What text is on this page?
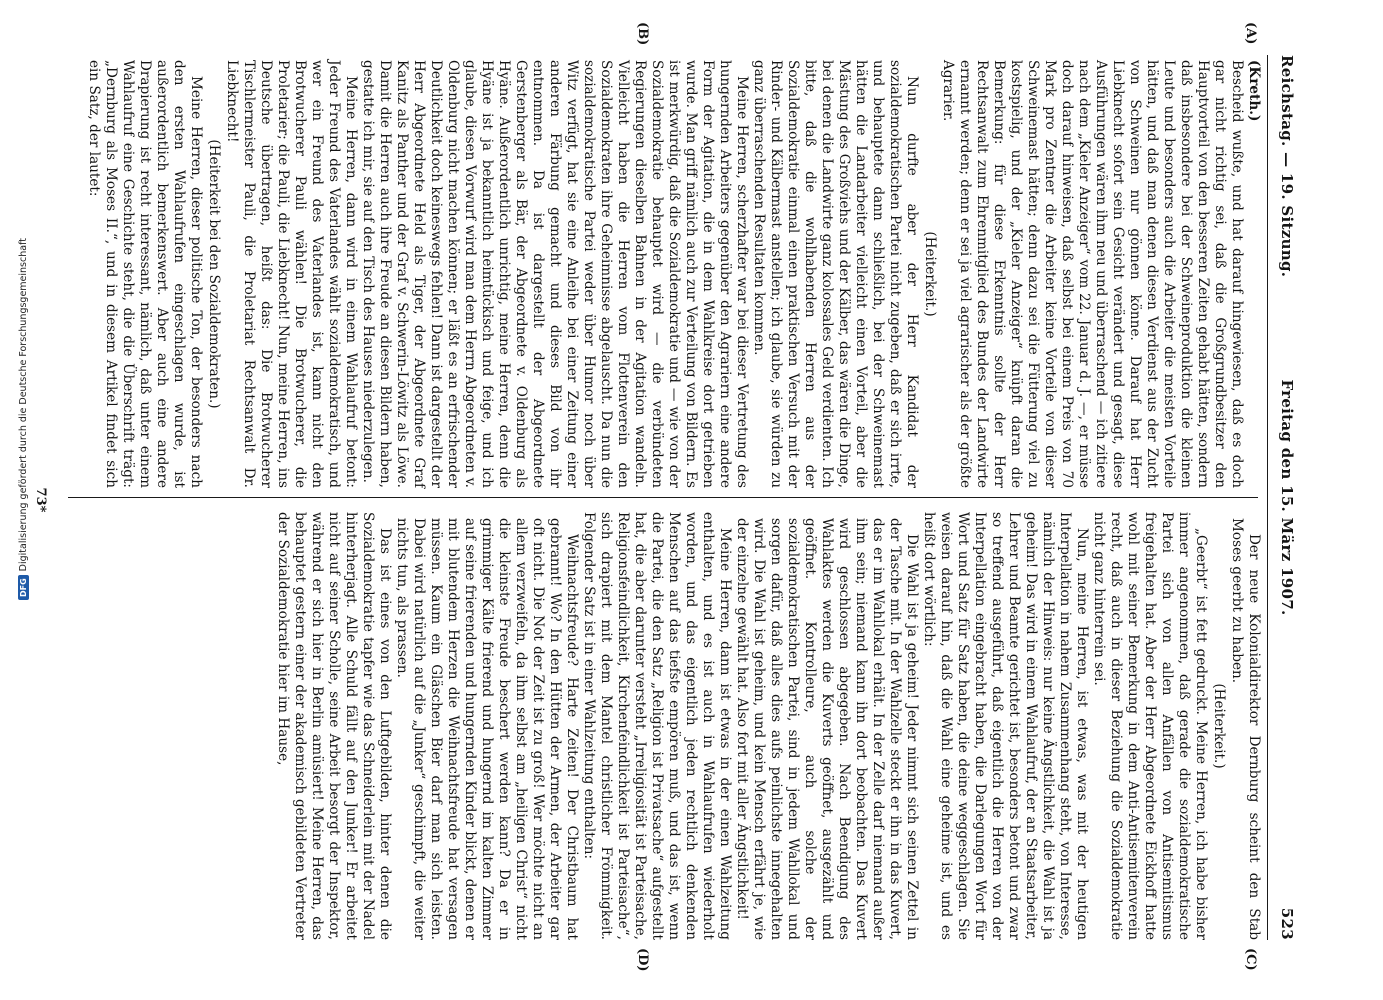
Reichstag. — 19. Sitzung.
Freitag den 15. März 1907.
523
(A)
(B)
(C)
(D)

(Kreth.)

Bescheid wußte, und hat darauf hingewiesen, daß es doch gar nicht richtig sei, daß die Großgrundbesitzer den Hauptvorteil von den besseren Zeiten gehabt hätten, sondern daß insbesondere bei der Schweineproduktion die kleinen Leute und besonders auch die Arbeiter die meisten Vorteile hätten, und daß man denen diesen Verdienst aus der Zucht von Schweinen nur gönnen könne. Darauf hat Herr Liebknecht sofort sein Gesicht verändert und gesagt, diese Ausführungen wären ihm neu und überraschend — ich zitiere nach dem „Kieler Anzeiger“ vom 22. Januar d. J. —, er müsse doch darauf hinweisen, daß selbst bei einem Preis von 70 Mark pro Zentner die Arbeiter keine Vorteile von dieser Schweinemast hätten; denn dazu sei die Fütterung viel zu kostspielig, und der „Kieler Anzeiger“ knüpft daran die Bemerkung: für diese Erkenntnis sollte der Herr Rechtsanwalt zum Ehrenmitglied des Bundes der Landwirte ernannt werden; denn er sei ja viel agrarischer als der größte Agrarier.

(Heiterkeit.)

Nun durfte aber der Herr Kandidat der sozialdemokratischen Partei nicht zugeben, daß er sich irrte, und behauptete dann schließlich, bei der Schweinemast hätten die Landarbeiter vielleicht einen Vorteil, aber die Mästung des Großviehs und der Kälber, das wären die Dinge, bei denen die Landwirte ganz kolossales Geld verdienten. Ich bitte, daß die wohlhabenden Herren aus der Sozialdemokratie einmal einen praktischen Versuch mit der Rinder- und Kälbermast anstellen; ich glaube, sie würden zu ganz überraschenden Resultaten kommen.

Meine Herren, scherzhafter war bei dieser Vertretung des hungernden Arbeiters gegenüber den Agrariern eine andere Form der Agitation, die in dem Wahlkreise dort getrieben wurde. Man griff nämlich auch zur Verteilung von Bildern. Es ist merkwürdig, daß die Sozialdemokratie und — wie von der Sozialdemokratie behauptet wird — die verbündeten Regierungen dieselben Bahnen in der Agitation wandeln. Vielleicht haben die Herren vom Flottenverein den Sozialdemokraten ihre Geheimnisse abgelauscht. Da nun die sozialdemokratische Partei weder über Humor noch über Witz verfügt, hat sie eine Anleihe bei einer Zeitung einer anderen Färbung gemacht und dieses Bild von ihr entnommen. Da ist dargestellt der Abgeordnete Gerstenberger als Bär, der Abgeordnete v. Oldenburg als Hyäne. Außerordentlich unrichtig, meine Herren, denn die Hyäne ist ja bekanntlich heimtückisch und feige, und ich glaube, diesen Vorwurf wird man dem Herrn Abgeordneten v. Oldenburg nicht machen können; er läßt es an erfrischender Deutlichkeit doch keineswegs fehlen! Dann ist dargestellt der Herr Abgeordnete Held als Tiger, der Abgeordnete Graf Kanitz als Panther und der Graf v. Schwerin-Löwitz als Löwe. Damit die Herren auch ihre Freude an diesen Bildern haben, gestatte ich mir, sie auf den Tisch des Hauses niederzulegen.

Meine Herren, dann wird in einem Wahlaufruf betont: Jeder Freund des Vaterlandes wählt sozialdemokratisch, und wer ein Freund des Vaterlandes ist, kann nicht den Brotwucherer Pauli wählen! Die Brotwucherer, die Proletarier; die Pauli, die Liebknecht! Nun, meine Herren, ins Deutsche übertragen, heißt das: Die Brotwucherer Tischlermeister Pauli, die Proletariat Rechtsanwalt Dr. Liebknecht!

(Heiterkeit bei den Sozialdemokraten.)

Meine Herren, dieser politische Ton, der besonders nach den ersten Wahlaufrufen eingeschlagen wurde, ist außerordentlich bemerkenswert. Aber auch eine andere Drapierung ist recht interessant, nämlich, daß unter einem Wahlaufruf eine Geschichte steht, die die Überschrift trägt: „Dernburg als Moses II.“, und in diesem Artikel findet sich ein Satz, der lautet:

Der neue Kolonialdirektor Dernburg scheint den Stab Moses geerbt zu haben.

(Heiterkeit.)

„Geerbt“ ist fett gedruckt. Meine Herren, ich habe bisher immer angenommen, daß gerade die sozialdemokratische Partei sich von allen Anfällen von Antisemitismus freigehalten hat. Aber der Herr Abgeordnete Eickhoff hatte wohl mit seiner Bemerkung in dem Anti-Antisemitenverein recht, daß auch in dieser Beziehung die Sozialdemokratie nicht ganz hinterrein sei.

Nun, meine Herren, ist etwas, was mit der heutigen Interpellation in nahem Zusammenhang steht, von Interesse, nämlich der Hinweis: nur keine Ängstlichkeit, die Wahl ist ja geheim! Das wird in einem Wahlaufruf, der an Staatsarbeiter, Lehrer und Beamte gerichtet ist, besonders betont und zwar so treffend ausgeführt, daß eigentlich die Herren von der Interpellation eingebracht haben, die Darlegungen Wort für Wort und Satz für Satz haben, die deine weggeschlagen. Sie weisen darauf hin, daß die Wahl eine geheime ist, und es heißt dort wörtlich:

Die Wahl ist ja geheim! Jeder nimmt sich seinen Zettel in der Tasche mit. In der Wahlzelle steckt er ihn in das Kuvert, das er im Wahllokal erhält. In der Zelle darf niemand außer ihm sein; niemand kann ihn dort beobachten. Das Kuvert wird geschlossen abgegeben. Nach Beendigung des Wahlaktes werden die Kuverts geöffnet, ausgezählt und geöffnet. Kontrolleure, auch solche der sozialdemokratischen Partei, sind in jedem Wahllokal und sorgen dafür, daß alles dies aufs peinlichste innegehalten wird. Die Wahl ist geheim, und kein Mensch erfährt je, wie der einzelne gewählt hat. Also fort mit aller Ängstlichkeit!

Meine Herren, dann ist etwas in der einen Wahlzeitung enthalten, und es ist auch in Wahlaufrufen wiederholt worden, und das eigentlich jeden rechtlich denkenden Menschen auf das tiefste empören muß, und das ist, wenn die Partei, die den Satz „Religion ist Privatsache“ aufgestellt hat, die aber darunter versteht „Irreligiosität ist Parteisache, Religionsfeindlichkeit, Kirchenfeindlichkeit ist Parteisache“, sich drapiert mit dem Mantel christlicher Frömmigkeit. Folgender Satz ist in einer Wahlzeitung enthalten:

Weihnachtsfreude? Harte Zeiten! Der Christbaum hat gebrannt! Wo? In den Hütten der Armen, der Arbeiter gar oft nicht. Die Not der Zeit ist zu groß! Wer möchte nicht an allem verzweifeln, da ihm selbst am „heiligen Christ“ nicht die kleinste Freude beschert werden kann? Da er in grimmiger Kälte frierend und hungernd im kalten Zimmer auf seine frierenden und hungernden Kinder blickt, denen er mit blutendem Herzen die Weihnachtsfreude hat versagen müssen. Kaum ein Gläschen Bier darf man sich leisten. Dabei wird natürlich auf die „Junker“ geschimpft, die weiter nichts tun, als prassen.

Das ist eines von den Luftgebilden, hinter denen die Sozialdemokratie tapfer wie das Schneiderlein mit der Nadel hinterherjagt. Alle Schuld fällt auf den Junker! Er arbeitet nicht auf seiner Scholle, seine Arbeit besorgt der Inspektor, während er sich hier in Berlin amüsiert! Meine Herren, das behauptet gestern einer der akademisch gebildeten Vertreter der Sozialdemokratie hier im Hause,

73*
DFGDigitalisierung gefördert durch die Deutsche Forschungsgemeinschaft
